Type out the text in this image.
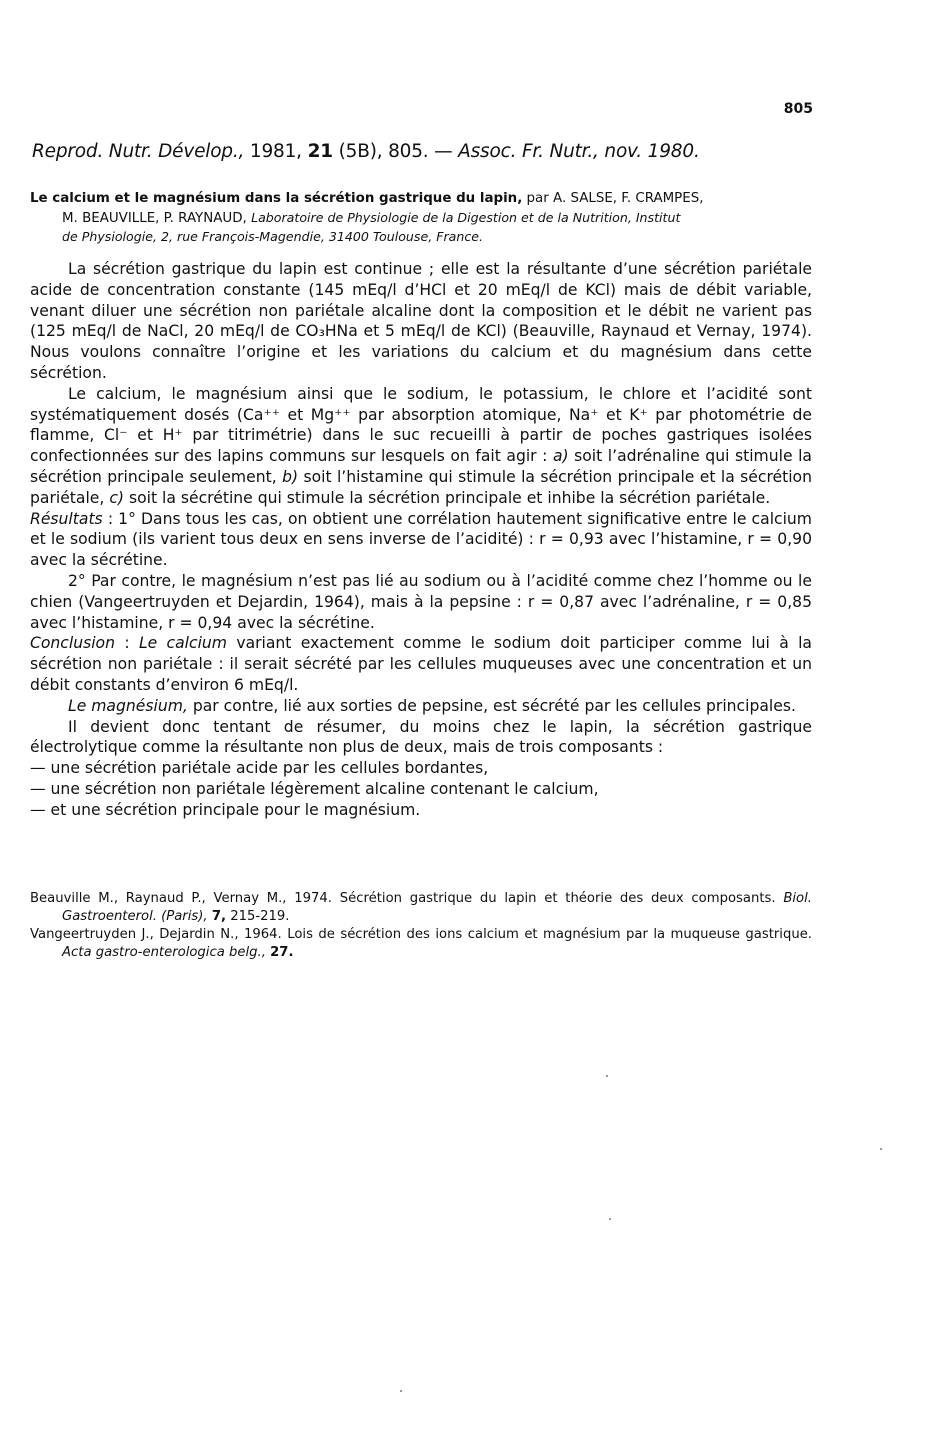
805
Reprod. Nutr. Dévelop., 1981, 21 (5B), 805. — Assoc. Fr. Nutr., nov. 1980.
Le calcium et le magnésium dans la sécrétion gastrique du lapin, par A. SALSE, F. CRAMPES,
M. BEAUVILLE, P. RAYNAUD, Laboratoire de Physiologie de la Digestion et de la Nutrition, Institut
de Physiologie, 2, rue François-Magendie, 31400 Toulouse, France.

La sécrétion gastrique du lapin est continue ; elle est la résultante d’une sécrétion pariétale acide de concentration constante (145 mEq/l d’HCl et 20 mEq/l de KCl) mais de débit variable, venant diluer une sécrétion non pariétale alcaline dont la composition et le débit ne varient pas (125 mEq/l de NaCl, 20 mEq/l de CO₃HNa et 5 mEq/l de KCl) (Beauville, Raynaud et Vernay, 1974). Nous voulons connaître l’origine et les variations du calcium et du magnésium dans cette sécrétion.

Le calcium, le magnésium ainsi que le sodium, le potassium, le chlore et l’acidité sont systématiquement dosés (Ca⁺⁺ et Mg⁺⁺ par absorption atomique, Na⁺ et K⁺ par photométrie de flamme, Cl⁻ et H⁺ par titrimétrie) dans le suc recueilli à partir de poches gastriques isolées confectionnées sur des lapins communs sur lesquels on fait agir : a) soit l’adrénaline qui stimule la sécrétion principale seulement, b) soit l’histamine qui stimule la sécrétion principale et la sécrétion pariétale, c) soit la sécrétine qui stimule la sécrétion principale et inhibe la sécrétion pariétale.

Résultats : 1° Dans tous les cas, on obtient une corrélation hautement significative entre le calcium et le sodium (ils varient tous deux en sens inverse de l’acidité) : r = 0,93 avec l’histamine, r = 0,90 avec la sécrétine.

2° Par contre, le magnésium n’est pas lié au sodium ou à l’acidité comme chez l’homme ou le chien (Vangeertruyden et Dejardin, 1964), mais à la pepsine : r = 0,87 avec l’adrénaline, r = 0,85 avec l’histamine, r = 0,94 avec la sécrétine.

Conclusion : Le calcium variant exactement comme le sodium doit participer comme lui à la sécrétion non pariétale : il serait sécrété par les cellules muqueuses avec une concentration et un débit constants d’environ 6 mEq/l.

Le magnésium, par contre, lié aux sorties de pepsine, est sécrété par les cellules principales.

Il devient donc tentant de résumer, du moins chez le lapin, la sécrétion gastrique électrolytique comme la résultante non plus de deux, mais de trois composants :

— une sécrétion pariétale acide par les cellules bordantes,

— une sécrétion non pariétale légèrement alcaline contenant le calcium,

— et une sécrétion principale pour le magnésium.

Beauville M., Raynaud P., Vernay M., 1974. Sécrétion gastrique du lapin et théorie des deux composants. Biol. Gastroenterol. (Paris), 7, 215-219.
Vangeertruyden J., Dejardin N., 1964. Lois de sécrétion des ions calcium et magnésium par la muqueuse gastrique. Acta gastro-enterologica belg., 27.
